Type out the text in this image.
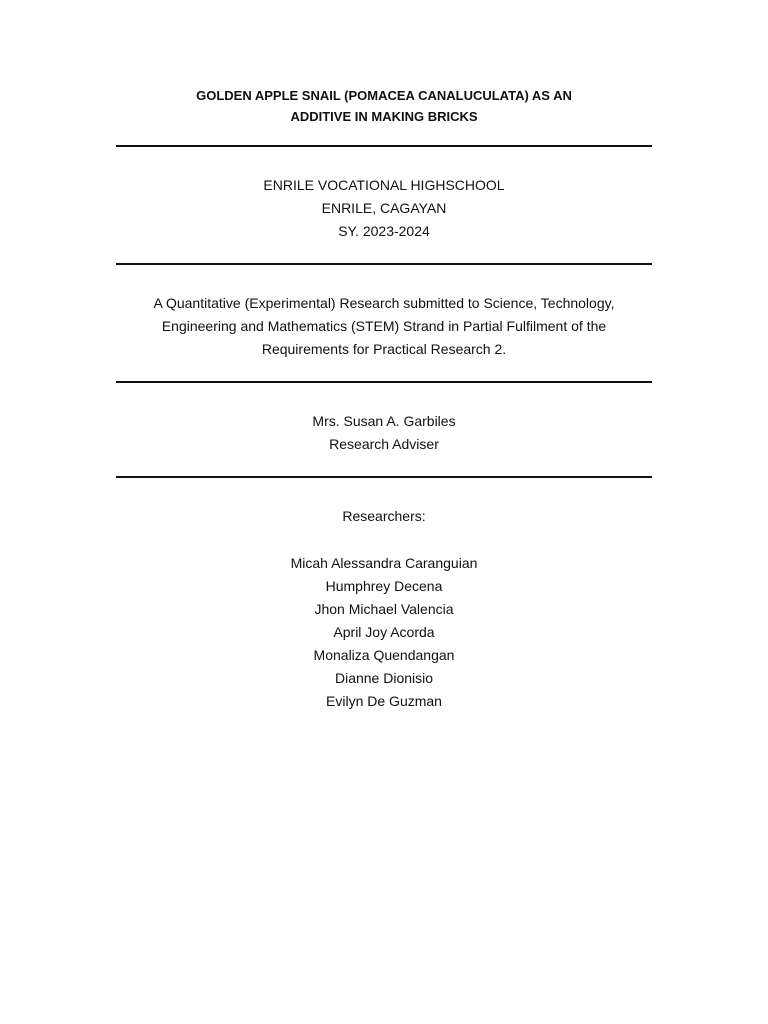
GOLDEN APPLE SNAIL (POMACEA CANALUCULATA) AS AN
ADDITIVE IN MAKING BRICKS
ENRILE VOCATIONAL HIGHSCHOOL
ENRILE, CAGAYAN
SY. 2023-2024
A Quantitative (Experimental) Research submitted to Science, Technology,
Engineering and Mathematics (STEM) Strand in Partial Fulfilment of the
Requirements for Practical Research 2.
Mrs. Susan A. Garbiles
Research Adviser
Researchers:
Micah Alessandra Caranguian
Humphrey Decena
Jhon Michael Valencia
April Joy Acorda
Monaliza Quendangan
Dianne Dionisio
Evilyn De Guzman
